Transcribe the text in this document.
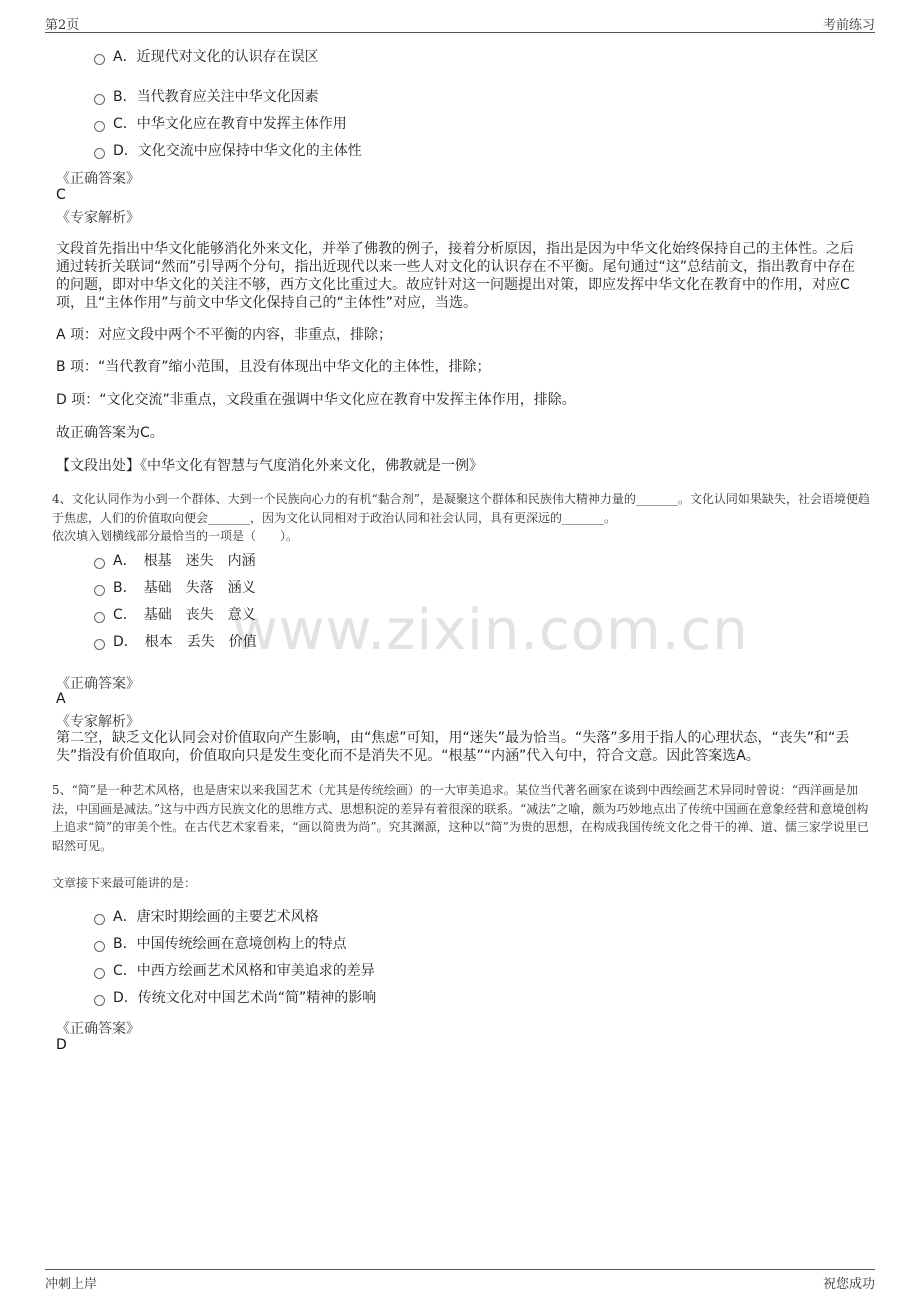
第2页	考前练习
www.zixin.com.cn
A．近现代对文化的认识存在误区
B．当代教育应关注中华文化因素
C．中华文化应在教育中发挥主体作用
D．文化交流中应保持中华文化的主体性
《正确答案》
C
《专家解析》

文段首先指出中华文化能够消化外来文化，并举了佛教的例子，接着分析原因，指出是因为中华文化始终保持自己的主体性。之后通过转折关联词“然而”引导两个分句，指出近现代以来一些人对文化的认识存在不平衡。尾句通过“这”总结前文，指出教育中存在的问题，即对中华文化的关注不够，西方文化比重过大。故应针对这一问题提出对策，即应发挥中华文化在教育中的作用，对应C 项，且“主体作用”与前文中华文化保持自己的“主体性”对应，当选。

A 项：对应文段中两个不平衡的内容，非重点，排除；

B 项：“当代教育”缩小范围，且没有体现出中华文化的主体性，排除；

D 项：“文化交流”非重点，文段重在强调中华文化应在教育中发挥主体作用，排除。

故正确答案为C。

【文段出处】《中华文化有智慧与气度消化外来文化，佛教就是一例》

4、文化认同作为小到一个群体、大到一个民族向心力的有机“黏合剂”，是凝聚这个群体和民族伟大精神力量的_______。文化认同如果缺失，社会语境便趋于焦虑，人们的价值取向便会_______，因为文化认同相对于政治认同和社会认同，具有更深远的_______。

依次填入划横线部分最恰当的一项是（　　）。
A．　根基　迷失　内涵
B．　基础　失落　涵义
C．　基础　丧失　意义
D．　根本　丢失　价值
《正确答案》
A
《专家解析》

第二空，缺乏文化认同会对价值取向产生影响，由“焦虑”可知，用“迷失”最为恰当。“失落”多用于指人的心理状态，“丧失”和“丢失”指没有价值取向，价值取向只是发生变化而不是消失不见。“根基”“内涵”代入句中，符合文意。因此答案选A。

5、“简”是一种艺术风格，也是唐宋以来我国艺术（尤其是传统绘画）的一大审美追求。某位当代著名画家在谈到中西绘画艺术异同时曾说：“西洋画是加法，中国画是减法。”这与中西方民族文化的思维方式、思想积淀的差异有着很深的联系。“减法”之喻，颇为巧妙地点出了传统中国画在意象经营和意境创构上追求“简”的审美个性。在古代艺术家看来，“画以简贵为尚”。究其渊源，这种以“简”为贵的思想，在构成我国传统文化之骨干的禅、道、儒三家学说里已昭然可见。

文章接下来最可能讲的是：
A．唐宋时期绘画的主要艺术风格
B．中国传统绘画在意境创构上的特点
C．中西方绘画艺术风格和审美追求的差异
D．传统文化对中国艺术尚“简”精神的影响
《正确答案》
D
冲刺上岸	祝您成功
